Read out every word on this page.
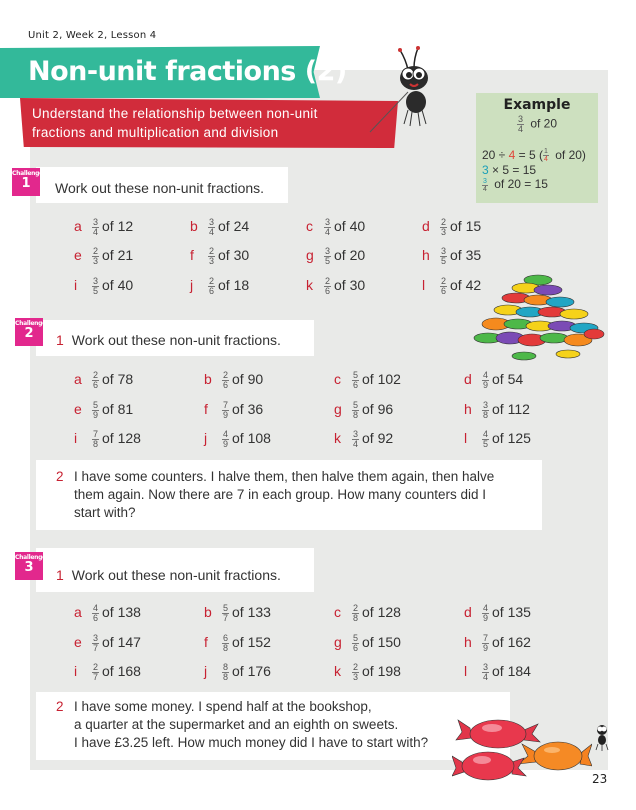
Unit 2, Week 2, Lesson 4
Non-unit fractions (2)
Understand the relationship between non-unit
fractions and multiplication and division
Example
$\frac{3}{4}$ of 20
20 ÷ 4 = 5 ( $\frac{1}{4}$ of 20)
3 × 5 = 15
$\frac{3}{4}$ of 20 = 15
Challenge
1	Work out these non-unit fractions.
a $\frac{3}{4}$ of 12	b $\frac{3}{4}$ of 24	c $\frac{3}{4}$ of 40	d $\frac{2}{3}$ of 15
e $\frac{2}{3}$ of 21	f $\frac{2}{3}$ of 30	g $\frac{3}{5}$ of 20	h $\frac{3}{5}$ of 35
i $\frac{3}{5}$ of 40	j $\frac{2}{6}$ of 18	k $\frac{2}{6}$ of 30	l $\frac{2}{6}$ of 42
Challenge
2	1 Work out these non-unit fractions.
a $\frac{2}{6}$ of 78	b $\frac{2}{6}$ of 90	c $\frac{5}{6}$ of 102	d $\frac{4}{9}$ of 54
e $\frac{5}{9}$ of 81	f $\frac{7}{9}$ of 36	g $\frac{5}{8}$ of 96	h $\frac{3}{8}$ of 112
i $\frac{7}{8}$ of 128	j $\frac{4}{9}$ of 108	k $\frac{3}{4}$ of 92	l $\frac{4}{5}$ of 125
2 I have some counters. I halve them, then halve them again, then halve
them again. Now there are 7 in each group. How many counters did I
start with?
Challenge
3	1 Work out these non-unit fractions.
a $\frac{4}{6}$ of 138	b $\frac{5}{7}$ of 133	c $\frac{2}{8}$ of 128	d $\frac{4}{9}$ of 135
e $\frac{3}{7}$ of 147	f $\frac{6}{8}$ of 152	g $\frac{5}{6}$ of 150	h $\frac{7}{9}$ of 162
i $\frac{2}{7}$ of 168	j $\frac{8}{8}$ of 176	k $\frac{2}{3}$ of 198	l $\frac{3}{4}$ of 184
2 I have some money. I spend half at the bookshop,
a quarter at the supermarket and an eighth on sweets.
I have £3.25 left. How much money did I have to start with?
23
